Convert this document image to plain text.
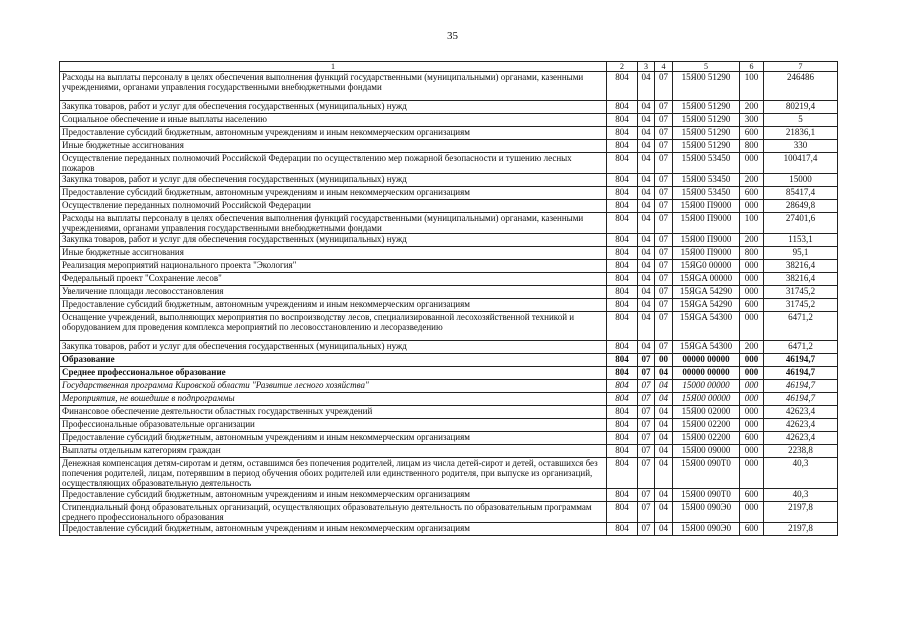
35
1	2	3	4	5	6	7
Расходы на выплаты персоналу в целях обеспечения выполнения функций государственными (муниципальными) органами, казенными учреждениями, органами управления государственными внебюджетными фондами	804	04	07	15Я00 51290	100	246486
Закупка товаров, работ и услуг для обеспечения государственных (муниципальных) нужд	804	04	07	15Я00 51290	200	80219,4
Социальное обеспечение и иные выплаты населению	804	04	07	15Я00 51290	300	5
Предоставление субсидий бюджетным, автономным учреждениям и иным некоммерческим организациям	804	04	07	15Я00 51290	600	21836,1
Иные бюджетные ассигнования	804	04	07	15Я00 51290	800	330
Осуществление переданных полномочий Российской Федерации по осуществлению мер пожарной безопасности и тушению лесных пожаров	804	04	07	15Я00 53450	000	100417,4
Закупка товаров, работ и услуг для обеспечения государственных (муниципальных) нужд	804	04	07	15Я00 53450	200	15000
Предоставление субсидий бюджетным, автономным учреждениям и иным некоммерческим организациям	804	04	07	15Я00 53450	600	85417,4
Осуществление переданных полномочий Российской Федерации	804	04	07	15Я00 П9000	000	28649,8
Расходы на выплаты персоналу в целях обеспечения выполнения функций государственными (муниципальными) органами, казенными учреждениями, органами управления государственными внебюджетными фондами	804	04	07	15Я00 П9000	100	27401,6
Закупка товаров, работ и услуг для обеспечения государственных (муниципальных) нужд	804	04	07	15Я00 П9000	200	1153,1
Иные бюджетные ассигнования	804	04	07	15Я00 П9000	800	95,1
Реализация мероприятий национального проекта "Экология"	804	04	07	15ЯG0 00000	000	38216,4
Федеральный проект "Сохранение лесов"	804	04	07	15ЯGA 00000	000	38216,4
Увеличение площади лесовосстановления	804	04	07	15ЯGA 54290	000	31745,2
Предоставление субсидий бюджетным, автономным учреждениям и иным некоммерческим организациям	804	04	07	15ЯGA 54290	600	31745,2
Оснащение учреждений, выполняющих мероприятия по воспроизводству лесов, специализированной лесохозяйственной техникой и оборудованием для проведения комплекса мероприятий по лесовосстановлению и лесоразведению	804	04	07	15ЯGA 54300	000	6471,2
Закупка товаров, работ и услуг для обеспечения государственных (муниципальных) нужд	804	04	07	15ЯGA 54300	200	6471,2
Образование	804	07	00	00000 00000	000	46194,7
Среднее профессиональное образование	804	07	04	00000 00000	000	46194,7
Государственная программа Кировской области "Развитие лесного хозяйства"	804	07	04	15000 00000	000	46194,7
Мероприятия, не вошедшие в подпрограммы	804	07	04	15Я00 00000	000	46194,7
Финансовое обеспечение деятельности областных государственных учреждений	804	07	04	15Я00 02000	000	42623,4
Профессиональные образовательные организации	804	07	04	15Я00 02200	000	42623,4
Предоставление субсидий бюджетным, автономным учреждениям и иным некоммерческим организациям	804	07	04	15Я00 02200	600	42623,4
Выплаты отдельным категориям граждан	804	07	04	15Я00 09000	000	2238,8
Денежная компенсация детям-сиротам и детям, оставшимся без попечения родителей, лицам из числа детей-сирот и детей, оставшихся без попечения родителей, лицам, потерявшим в период обучения обоих родителей или единственного родителя, при выпуске из организаций, осуществляющих образовательную деятельность	804	07	04	15Я00 090Т0	000	40,3
Предоставление субсидий бюджетным, автономным учреждениям и иным некоммерческим организациям	804	07	04	15Я00 090Т0	600	40,3
Стипендиальный фонд образовательных организаций, осуществляющих образовательную деятельность по образовательным программам среднего профессионального образования	804	07	04	15Я00 090Э0	000	2197,8
Предоставление субсидий бюджетным, автономным учреждениям и иным некоммерческим организациям	804	07	04	15Я00 090Э0	600	2197,8
